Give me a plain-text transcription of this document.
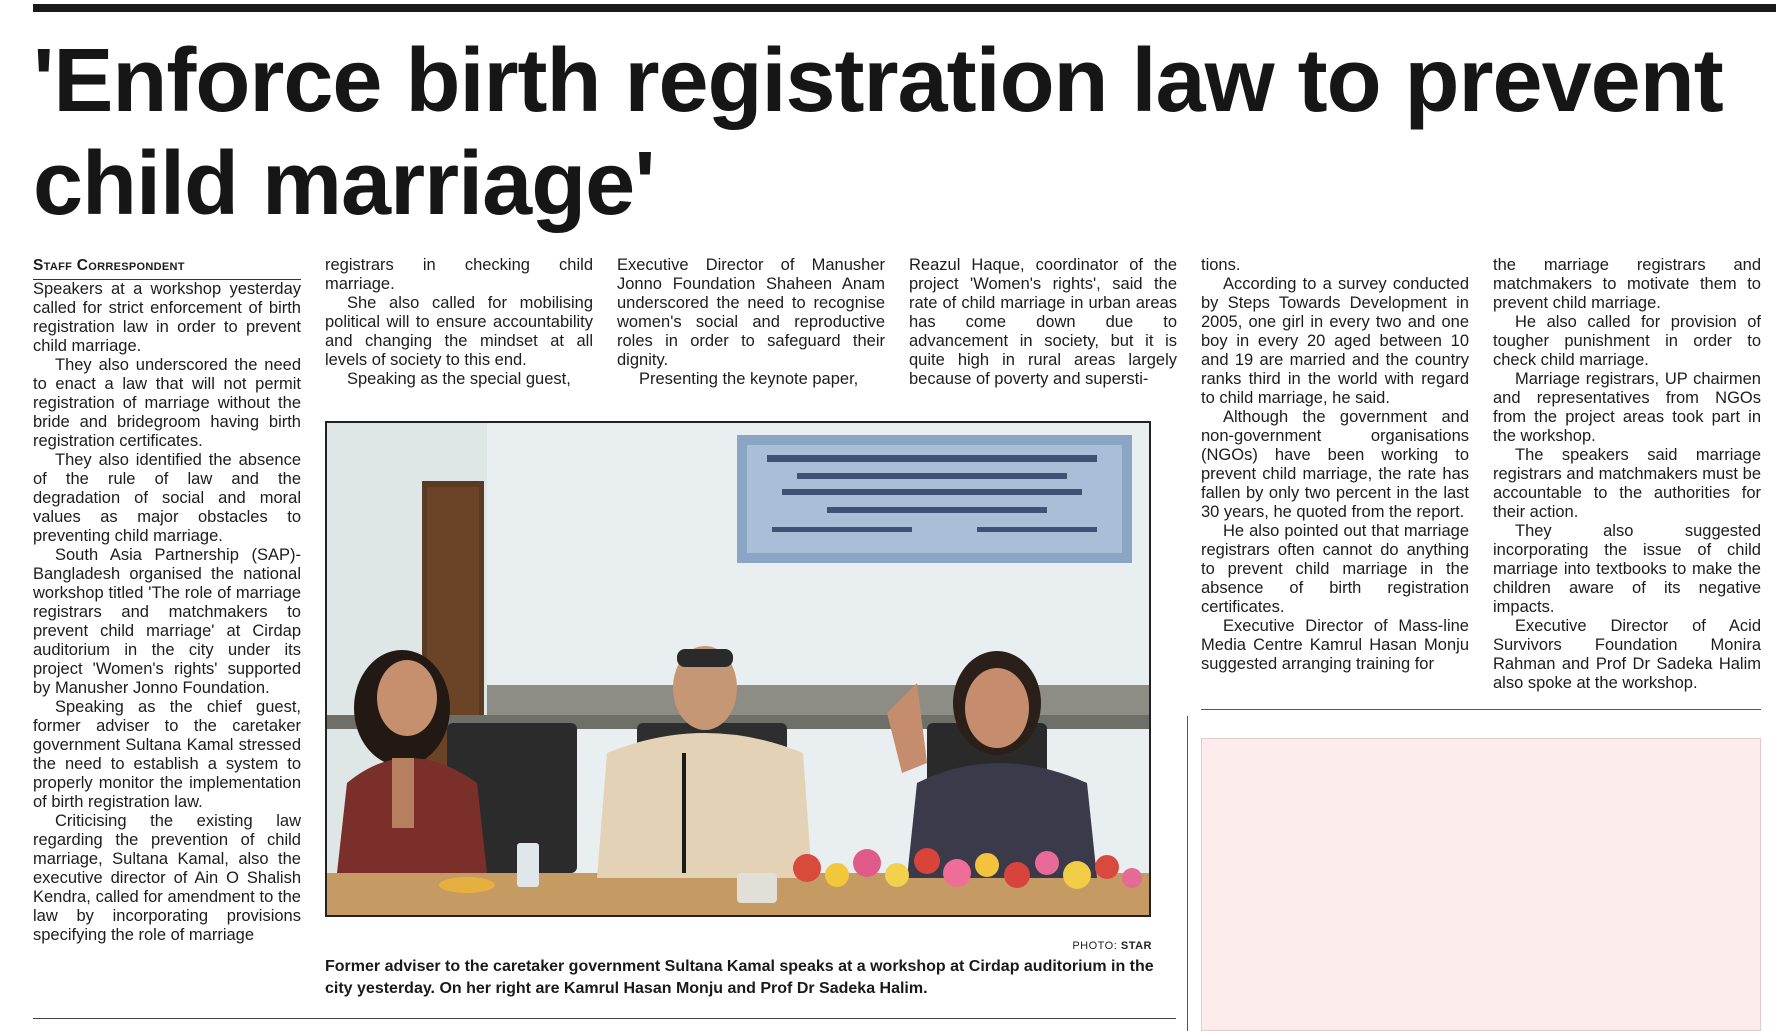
'Enforce birth registration law to prevent child marriage'

Staff Correspondent

Speakers at a workshop yesterday called for strict enforcement of birth registration law in order to prevent child marriage.

They also underscored the need to enact a law that will not permit registration of marriage without the bride and bridegroom having birth registration certificates.

They also identified the absence of the rule of law and the degradation of social and moral values as major obstacles to preventing child marriage.

South Asia Partnership (SAP)-Bangladesh organised the national workshop titled 'The role of marriage registrars and matchmakers to prevent child marriage' at Cirdap auditorium in the city under its project 'Women's rights' supported by Manusher Jonno Foundation.

Speaking as the chief guest, former adviser to the caretaker government Sultana Kamal stressed the need to establish a system to properly monitor the implementation of birth registration law.

Criticising the existing law regarding the prevention of child marriage, Sultana Kamal, also the executive director of Ain O Shalish Kendra, called for amendment to the law by incorporating provisions specifying the role of marriage

registrars in checking child marriage.

She also called for mobilising political will to ensure accountability and changing the mindset at all levels of society to this end.

Speaking as the special guest,

Executive Director of Manusher Jonno Foundation Shaheen Anam underscored the need to recognise women's social and reproductive roles in order to safeguard their dignity.

Presenting the keynote paper,

Reazul Haque, coordinator of the project 'Women's rights', said the rate of child marriage in urban areas has come down due to advancement in society, but it is quite high in rural areas largely because of poverty and supersti-

tions.

According to a survey conducted by Steps Towards Development in 2005, one girl in every two and one boy in every 20 aged between 10 and 19 are married and the country ranks third in the world with regard to child marriage, he said.

Although the government and non-government organisations (NGOs) have been working to prevent child marriage, the rate has fallen by only two percent in the last 30 years, he quoted from the report.

He also pointed out that marriage registrars often cannot do anything to prevent child marriage in the absence of birth registration certificates.

Executive Director of Mass-line Media Centre Kamrul Hasan Monju suggested arranging training for

the marriage registrars and matchmakers to motivate them to prevent child marriage.

He also called for provision of tougher punishment in order to check child marriage.

Marriage registrars, UP chairmen and representatives from NGOs from the project areas took part in the workshop.

The speakers said marriage registrars and matchmakers must be accountable to the authorities for their action.

They also suggested incorporating the issue of child marriage into textbooks to make the children aware of its negative impacts.

Executive Director of Acid Survivors Foundation Monira Rahman and Prof Dr Sadeka Halim also spoke at the workshop.

PHOTO: STAR

Former adviser to the caretaker government Sultana Kamal speaks at a workshop at Cirdap auditorium in the city yesterday. On her right are Kamrul Hasan Monju and Prof Dr Sadeka Halim.
